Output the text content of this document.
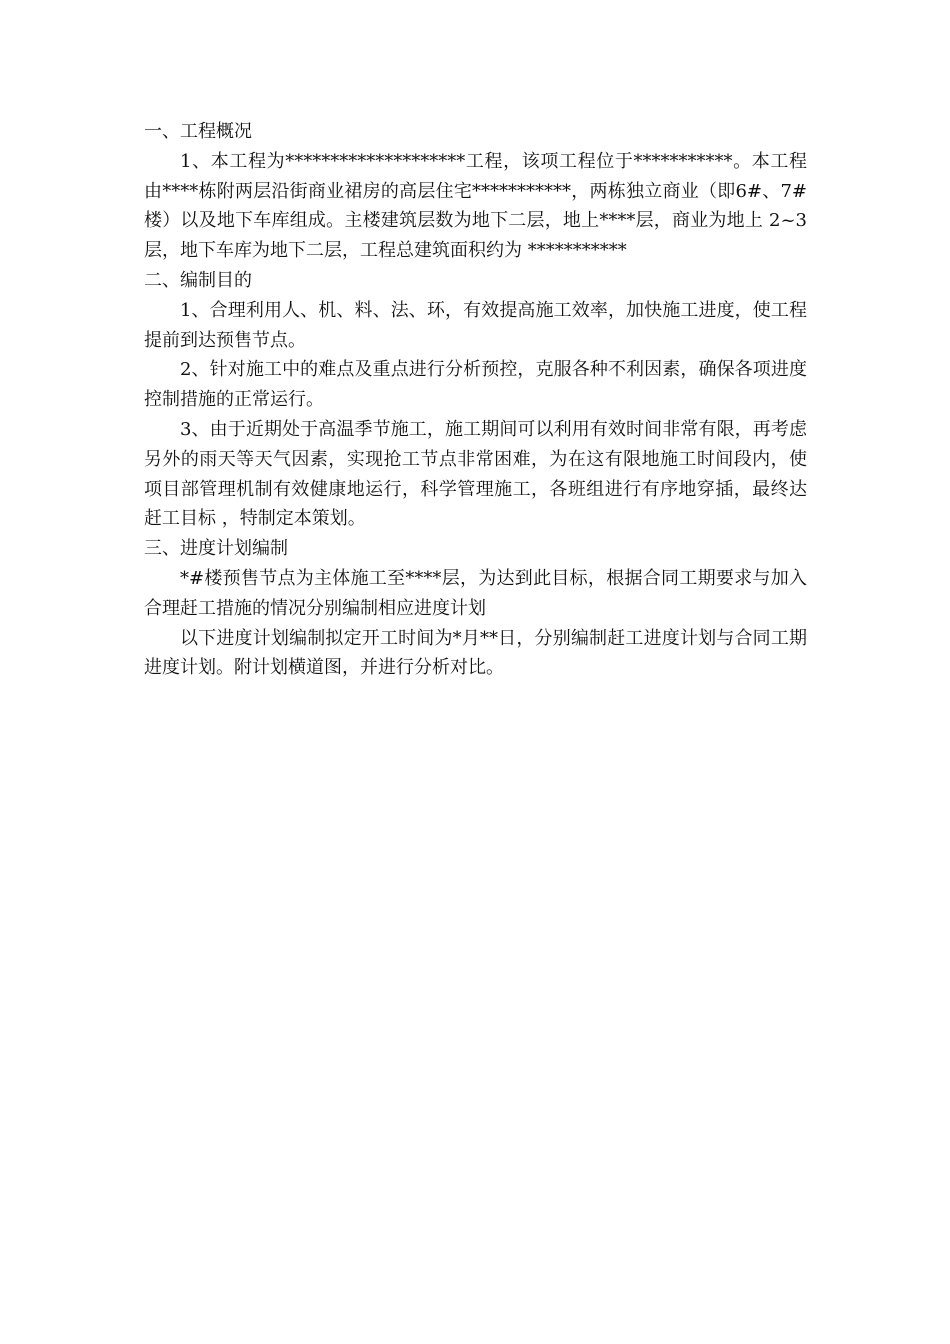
一、工程概况

1、本工程为********************工程，该项工程位于***********。本工程由****栋附两层沿街商业裙房的高层住宅***********，两栋独立商业（即6#、7#楼）以及地下车库组成。主楼建筑层数为地下二层，地上****层，商业为地上 2~3 层，地下车库为地下二层，工程总建筑面积约为 ***********

二、编制目的

1、合理利用人、机、料、法、环，有效提高施工效率，加快施工进度，使工程提前到达预售节点。

2、针对施工中的难点及重点进行分析预控，克服各种不利因素，确保各项进度控制措施的正常运行。

3、由于近期处于高温季节施工，施工期间可以利用有效时间非常有限，再考虑另外的雨天等天气因素，实现抢工节点非常困难，为在这有限地施工时间段内，使项目部管理机制有效健康地运行，科学管理施工，各班组进行有序地穿插，最终达赶工目标 ，特制定本策划。

三、进度计划编制

*#楼预售节点为主体施工至****层，为达到此目标，根据合同工期要求与加入合理赶工措施的情况分别编制相应进度计划

以下进度计划编制拟定开工时间为*月**日，分别编制赶工进度计划与合同工期进度计划。附计划横道图，并进行分析对比。
